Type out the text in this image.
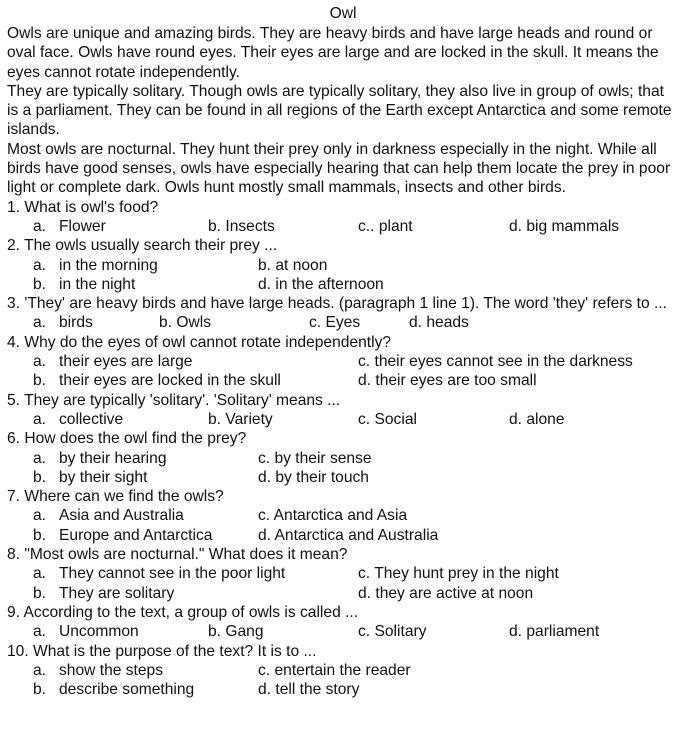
Owl

Owls are unique and amazing birds. They are heavy birds and have large heads and round or oval face. Owls have round eyes. Their eyes are large and are locked in the skull. It means the eyes cannot rotate independently.

They are typically solitary. Though owls are typically solitary, they also live in group of owls; that is a parliament. They can be found in all regions of the Earth except Antarctica and some remote islands.

Most owls are nocturnal. They hunt their prey only in darkness especially in the night. While all birds have good senses, owls have especially hearing that can help them locate the prey in poor light or complete dark. Owls hunt mostly small mammals, insects and other birds.

1. What is owl's food?
a. Flower	b. Insects	c.. plant	d. big mammals
2. The owls usually search their prey ...
a. in the morning	b. at noon
b. in the night	d. in the afternoon
3. 'They' are heavy birds and have large heads. (paragraph 1 line 1). The word 'they' refers to ...
a. birds	b. Owls	c. Eyes	d. heads
4. Why do the eyes of owl cannot rotate independently?
a. their eyes are large	c. their eyes cannot see in the darkness
b. their eyes are locked in the skull	d. their eyes are too small
5. They are typically 'solitary'. 'Solitary' means ...
a. collective	b. Variety	c. Social	d. alone
6. How does the owl find the prey?
a. by their hearing	c. by their sense
b. by their sight	d. by their touch
7. Where can we find the owls?
a. Asia and Australia	c. Antarctica and Asia
b. Europe and Antarctica	d. Antarctica and Australia
8. "Most owls are nocturnal." What does it mean?
a. They cannot see in the poor light	c. They hunt prey in the night
b. They are solitary	d. they are active at noon
9. According to the text, a group of owls is called ...
a. Uncommon	b. Gang	c. Solitary	d. parliament
10. What is the purpose of the text? It is to ...
a. show the steps	c. entertain the reader
b. describe something	d. tell the story
